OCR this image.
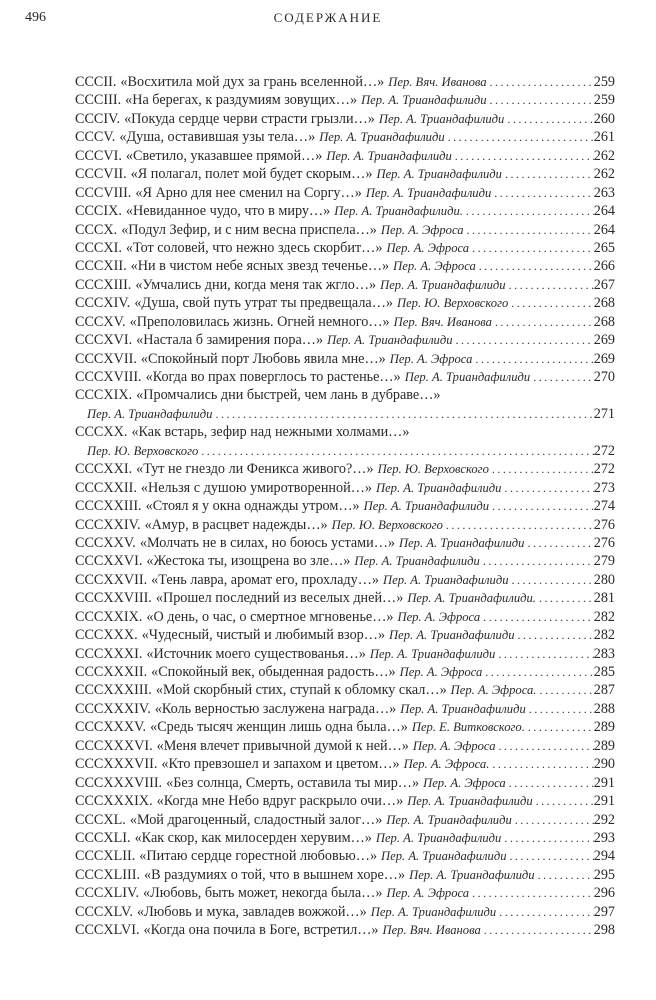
496	СОДЕРЖАНИЕ
CCCII. «Восхитила мой дух за грань вселенной…» Пер. Вяч. Иванова .....	259
CCCIII. «На берегах, к раздумиям зовущих…» Пер. А. Триандафилиди .....	259
CCCIV. «Покуда сердце черви страсти грызли…» Пер. А. Триандафилиди .....	260
CCCV. «Душа, оставившая узы тела…» Пер. А. Триандафилиди .....	261
CCCVI. «Светило, указавшее прямой…» Пер. А. Триандафилиди .....	262
CCCVII. «Я полагал, полет мой будет скорым…» Пер. А. Триандафилиди .....	262
CCCVIII. «Я Арно для нее сменил на Соргу…» Пер. А. Триандафилиди .....	263
CCCIX. «Невиданное чудо, что в миру…» Пер. А. Триандафилиди. .....	264
CCCX. «Подул Зефир, и с ним весна приспела…» Пер. А. Эфроса .....	264
CCCXI. «Тот соловей, что нежно здесь скорбит…» Пер. А. Эфроса .....	265
CCCXII. «Ни в чистом небе ясных звезд теченье…» Пер. А. Эфроса .....	266
CCCXIII. «Умчались дни, когда меня так жгло…» Пер. А. Триандафилиди .....	267
CCCXIV. «Душа, свой путь утрат ты предвещала…» Пер. Ю. Верховского .....	268
CCCXV. «Преполовилась жизнь. Огней немного…» Пер. Вяч. Иванова .....	268
CCCXVI. «Настала б замирения пора…» Пер. А. Триандафилиди .....	269
CCCXVII. «Спокойный порт Любовь явила мне…» Пер. А. Эфроса .....	269
CCCXVIII. «Когда во прах поверглось то растенье…» Пер. А. Триандафилиди .....	270
CCCXIX. «Промчались дни быстрей, чем лань в дубраве…»
Пер. А. Триандафилиди .....	271
CCCXX. «Как встарь, зефир над нежными холмами…»
Пер. Ю. Верховского .....	272
CCCXXI. «Тут не гнездо ли Феникса живого?…» Пер. Ю. Верховского .....	272
CCCXXII. «Нельзя с душою умиротворенной…» Пер. А. Триандафилиди .....	273
CCCXXIII. «Стоял я у окна однажды утром…» Пер. А. Триандафилиди .....	274
CCCXXIV. «Амур, в расцвет надежды…» Пер. Ю. Верховского .....	276
CCCXXV. «Молчать не в силах, но боюсь устами…» Пер. А. Триандафилиди .....	276
CCCXXVI. «Жестока ты, изощрена во зле…» Пер. А. Триандафилиди .....	279
CCCXXVII. «Тень лавра, аромат его, прохладу…» Пер. А. Триандафилиди .....	280
CCCXXVIII. «Прошел последний из веселых дней…» Пер. А. Триандафилиди. .....	281
CCCXXIX. «О день, о час, о смертное мгновенье…» Пер. А. Эфроса .....	282
CCCXXX. «Чудесный, чистый и любимый взор…» Пер. А. Триандафилиди .....	282
CCCXXXI. «Источник моего существованья…» Пер. А. Триандафилиди .....	283
CCCXXXII. «Спокойный век, обыденная радость…» Пер. А. Эфроса .....	285
CCCXXXIII. «Мой скорбный стих, ступай к обломку скал…» Пер. А. Эфроса. .....	287
CCCXXXIV. «Коль верностью заслужена награда…» Пер. А. Триандафилиди .....	288
CCCXXXV. «Средь тысяч женщин лишь одна была…» Пер. Е. Витковского. .....	289
CCCXXXVI. «Меня влечет привычной думой к ней…» Пер. А. Эфроса .....	289
CCCXXXVII. «Кто превзошел и запахом и цветом…» Пер. А. Эфроса. .....	290
CCCXXXVIII. «Без солнца, Смерть, оставила ты мир…» Пер. А. Эфроса .....	291
CCCXXXIX. «Когда мне Небо вдруг раскрыло очи…» Пер. А. Триандафилиди .....	291
CCCXL. «Мой драгоценный, сладостный залог…» Пер. А. Триандафилиди .....	292
CCCXLI. «Как скор, как милосерден херувим…» Пер. А. Триандафилиди .....	293
CCCXLII. «Питаю сердце горестной любовью…» Пер. А. Триандафилиди .....	294
CCCXLIII. «В раздумиях о той, что в вышнем хоре…» Пер. А. Триандафилиди .....	295
CCCXLIV. «Любовь, быть может, некогда была…» Пер. А. Эфроса .....	296
CCCXLV. «Любовь и мука, завладев вожжой…» Пер. А. Триандафилиди .....	297
CCCXLVI. «Когда она почила в Боге, встретил…» Пер. Вяч. Иванова .....	298
